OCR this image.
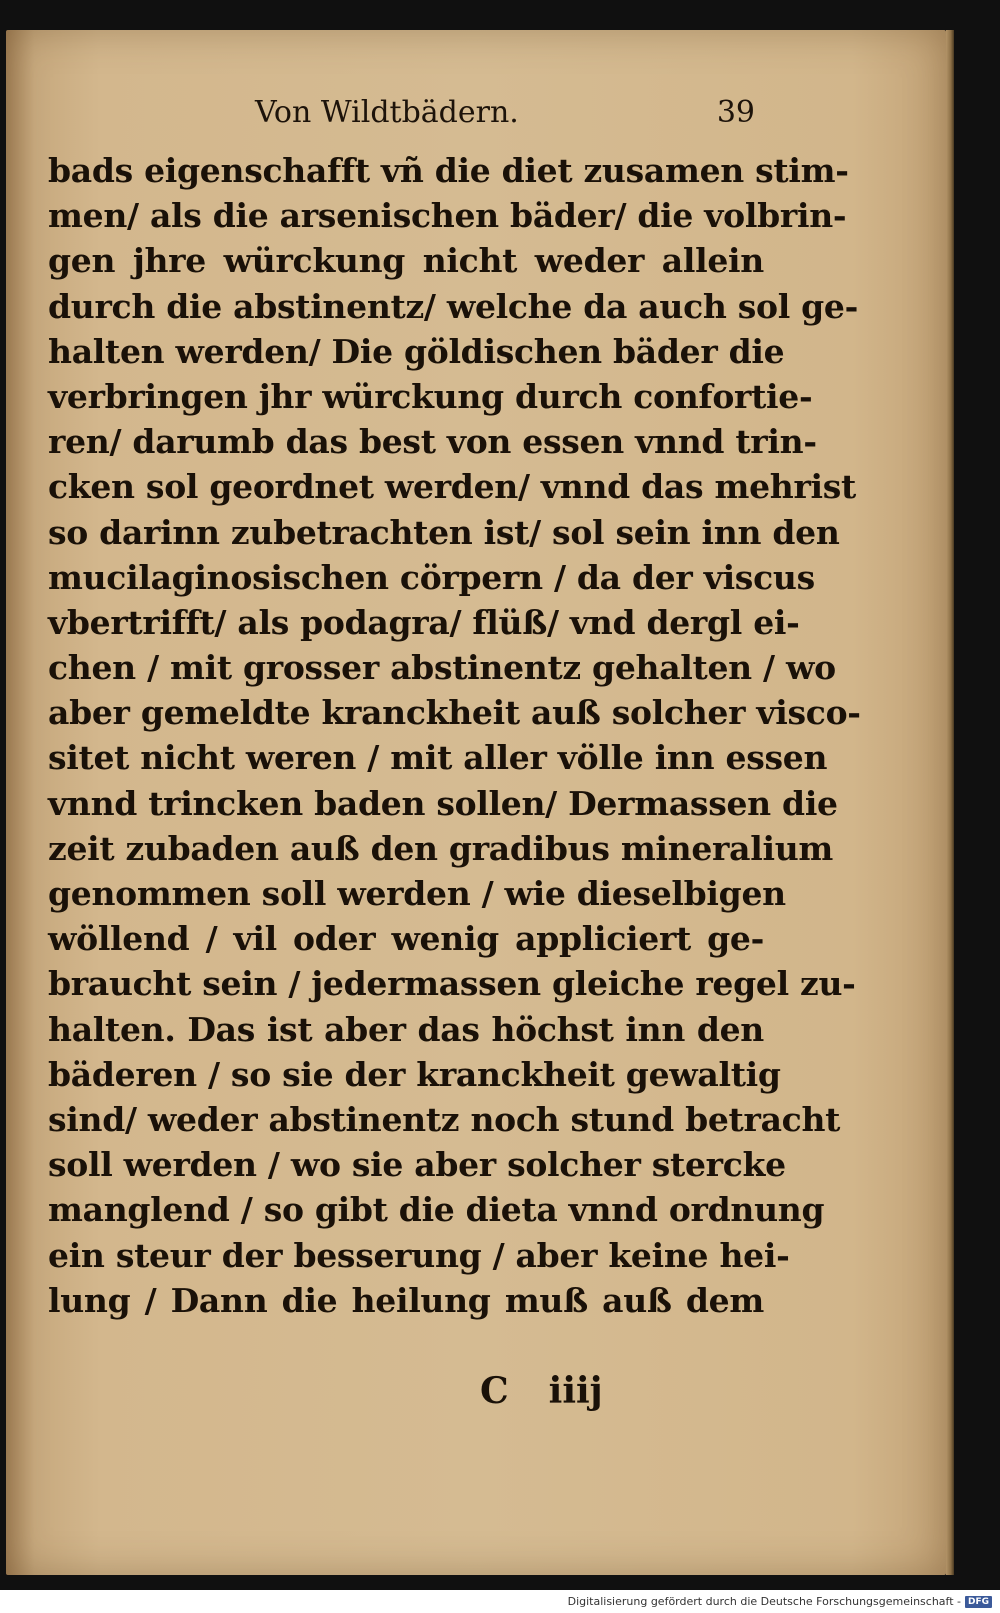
Von Wildtbädern.	39
bads eigenschafft vñ die diet zusamen stim-
men/ als die arsenischen bäder/ die volbrin-
gen jhre würckung nicht weder allein
durch die abstinentz/ welche da auch sol ge-
halten werden/ Die göldischen bäder die
verbringen jhr würckung durch confortie-
ren/ darumb das best von essen vnnd trin-
cken sol geordnet werden/ vnnd das mehrist
so darinn zubetrachten ist/ sol sein inn den
mucilaginosischen cörpern / da der viscus
vbertrifft/ als podagra/ flüß/ vnd dergl ei-
chen / mit grosser abstinentz gehalten / wo
aber gemeldte kranckheit auß solcher visco-
sitet nicht weren / mit aller völle inn essen
vnnd trincken baden sollen/ Dermassen die
zeit zubaden auß den gradibus mineralium
genommen soll werden / wie dieselbigen
wöllend / vil oder wenig appliciert ge-
braucht sein / jedermassen gleiche regel zu-
halten. Das ist aber das höchst inn den
bäderen / so sie der kranckheit gewaltig
sind/ weder abstinentz noch stund betracht
soll werden / wo sie aber solcher stercke
manglend / so gibt die dieta vnnd ordnung
ein steur der besserung / aber keine hei-
lung / Dann die heilung muß auß dem
C iiij
Digitalisierung gefördert durch die Deutsche Forschungsgemeinschaft - DFG
